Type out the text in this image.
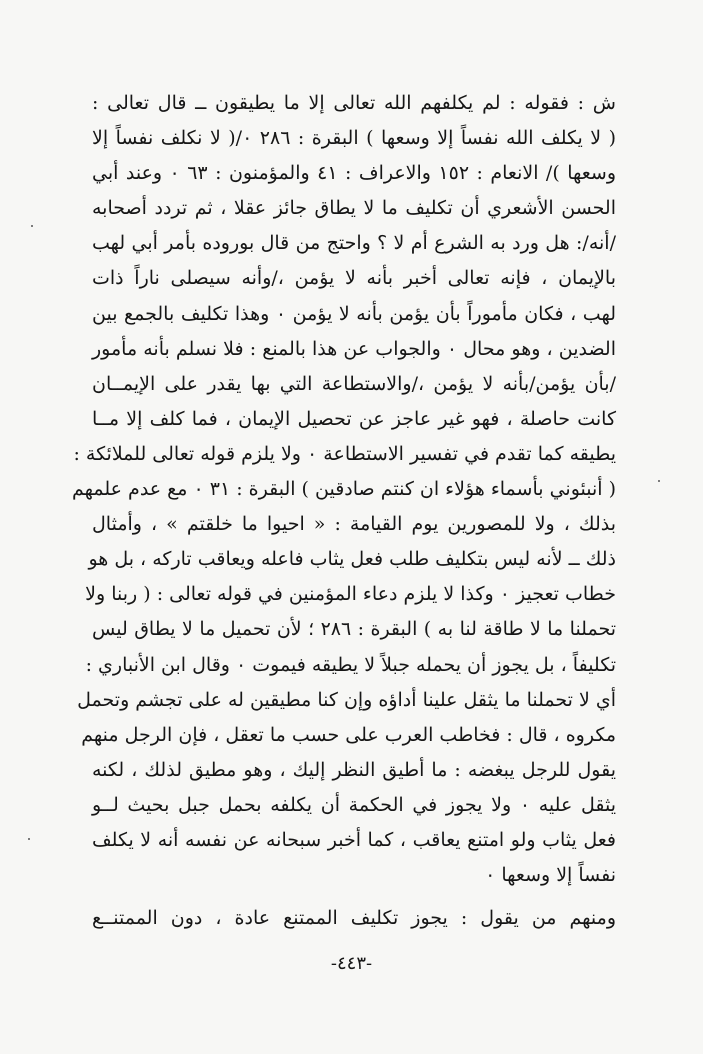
ش : فقوله : لم يكلفهم الله تعالى إلا ما يطيقون ــ قال تعالى :
( لا يكلف الله نفساً إلا وسعها ) البقرة : ٢٨٦ ٠/( لا نكلف نفساً إلا
وسعها )/ الانعام : ١٥٢ والاعراف : ٤١ والمؤمنون : ٦٣ ٠ وعند أبي
الحسن الأشعري أن تكليف ما لا يطاق جائز عقلا ، ثم تردد أصحابه
/أنه/: هل ورد به الشرع أم لا ؟ واحتج من قال بوروده بأمر أبي لهب
بالإيمان ، فإنه تعالى أخبر بأنه لا يؤمن ،/وأنه سيصلى ناراً ذات
لهب ، فكان مأموراً بأن يؤمن بأنه لا يؤمن ٠ وهذا تكليف بالجمع بين
الضدين ، وهو محال ٠ والجواب عن هذا بالمنع : فلا نسلم بأنه مأمور
/بأن يؤمن/بأنه لا يؤمن ،/والاستطاعة التي بها يقدر على الإيمــان
كانت حاصلة ، فهو غير عاجز عن تحصيل الإيمان ، فما كلف إلا مــا
يطيقه كما تقدم في تفسير الاستطاعة ٠ ولا يلزم قوله تعالى للملائكة :
( أنبئوني بأسماء هؤلاء ان كنتم صادقين ) البقرة : ٣١ ٠ مع عدم علمهم
بذلك ، ولا للمصورين يوم القيامة : « احيوا ما خلقتم » ، وأمثال
ذلك ــ لأنه ليس بتكليف طلب فعل يثاب فاعله ويعاقب تاركه ، بل هو
خطاب تعجيز ٠ وكذا لا يلزم دعاء المؤمنين في قوله تعالى : ( ربنا ولا
تحملنا ما لا طاقة لنا به ) البقرة : ٢٨٦ ؛ لأن تحميل ما لا يطاق ليس
تكليفاً ، بل يجوز أن يحمله جبلاً لا يطيقه فيموت ٠ وقال ابن الأنباري :
أي لا تحملنا ما يثقل علينا أداؤه وإن كنا مطيقين له على تجشم وتحمل
مكروه ، قال : فخاطب العرب على حسب ما تعقل ، فإن الرجل منهم
يقول للرجل يبغضه : ما أطيق النظر إليك ، وهو مطيق لذلك ، لكنه
يثقل عليه ٠ ولا يجوز في الحكمة أن يكلفه بحمل جبل بحيث لــو
فعل يثاب ولو امتنع يعاقب ، كما أخبر سبحانه عن نفسه أنه لا يكلف
نفساً إلا وسعها ٠
ومنهم من يقول : يجوز تكليف الممتنع عادة ، دون الممتنــع
-٤٤٣-
